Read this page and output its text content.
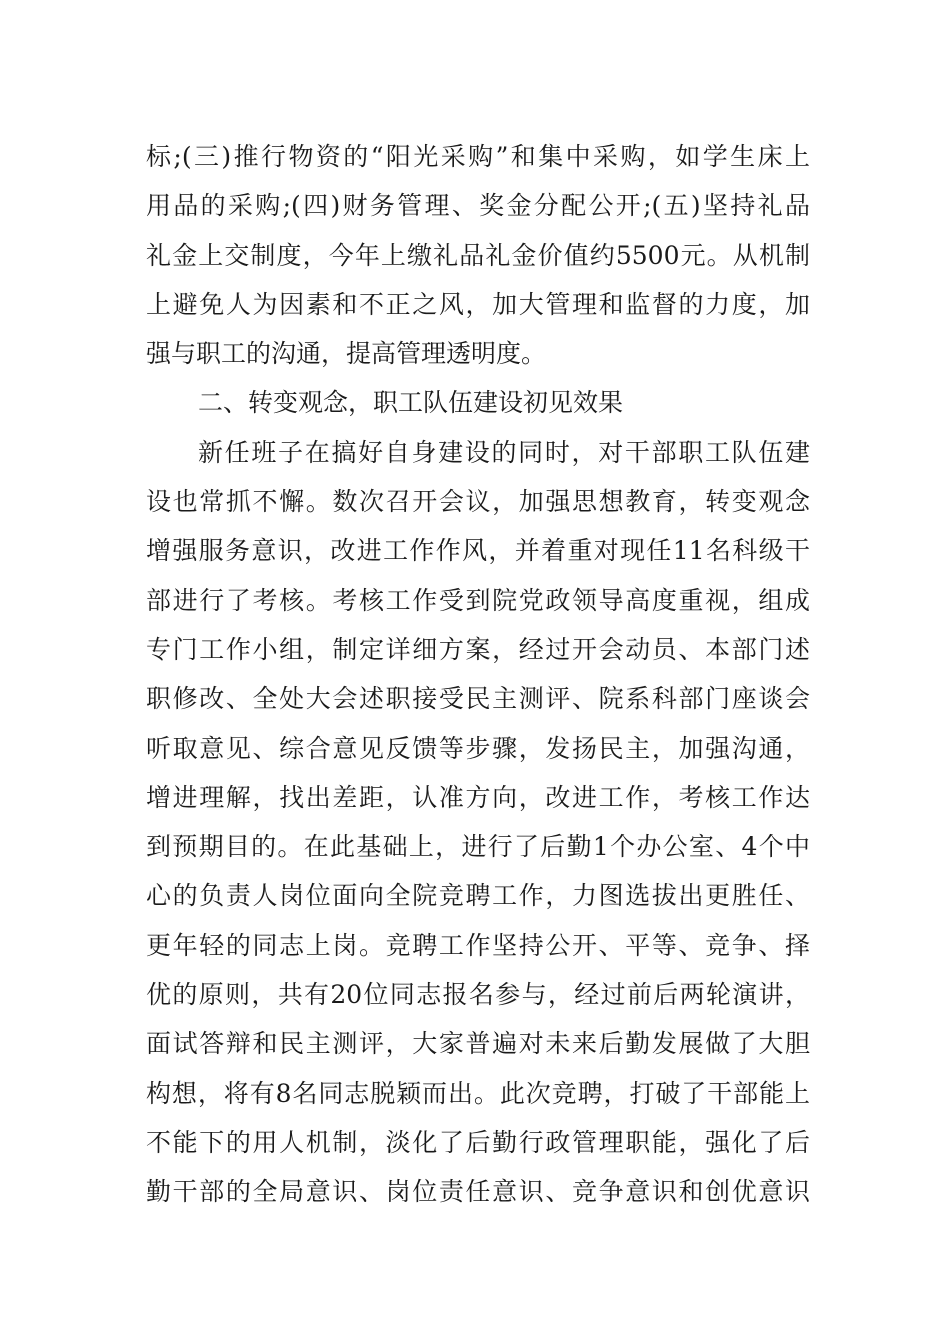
标;(三)推行物资的“阳光采购”和集中采购，如学生床上
用品的采购;(四)财务管理、奖金分配公开;(五)坚持礼品
礼金上交制度，今年上缴礼品礼金价值约5500元。从机制
上避免人为因素和不正之风，加大管理和监督的力度，加
强与职工的沟通，提高管理透明度。
二、转变观念，职工队伍建设初见效果
新任班子在搞好自身建设的同时，对干部职工队伍建
设也常抓不懈。数次召开会议，加强思想教育，转变观念
增强服务意识，改进工作作风，并着重对现任11名科级干
部进行了考核。考核工作受到院党政领导高度重视，组成
专门工作小组，制定详细方案，经过开会动员、本部门述
职修改、全处大会述职接受民主测评、院系科部门座谈会
听取意见、综合意见反馈等步骤，发扬民主，加强沟通，
增进理解，找出差距，认准方向，改进工作，考核工作达
到预期目的。在此基础上，进行了后勤1个办公室、4个中
心的负责人岗位面向全院竞聘工作，力图选拔出更胜任、
更年轻的同志上岗。竞聘工作坚持公开、平等、竞争、择
优的原则，共有20位同志报名参与，经过前后两轮演讲，
面试答辩和民主测评，大家普遍对未来后勤发展做了大胆
构想，将有8名同志脱颖而出。此次竞聘，打破了干部能上
不能下的用人机制，淡化了后勤行政管理职能，强化了后
勤干部的全局意识、岗位责任意识、竞争意识和创优意识
